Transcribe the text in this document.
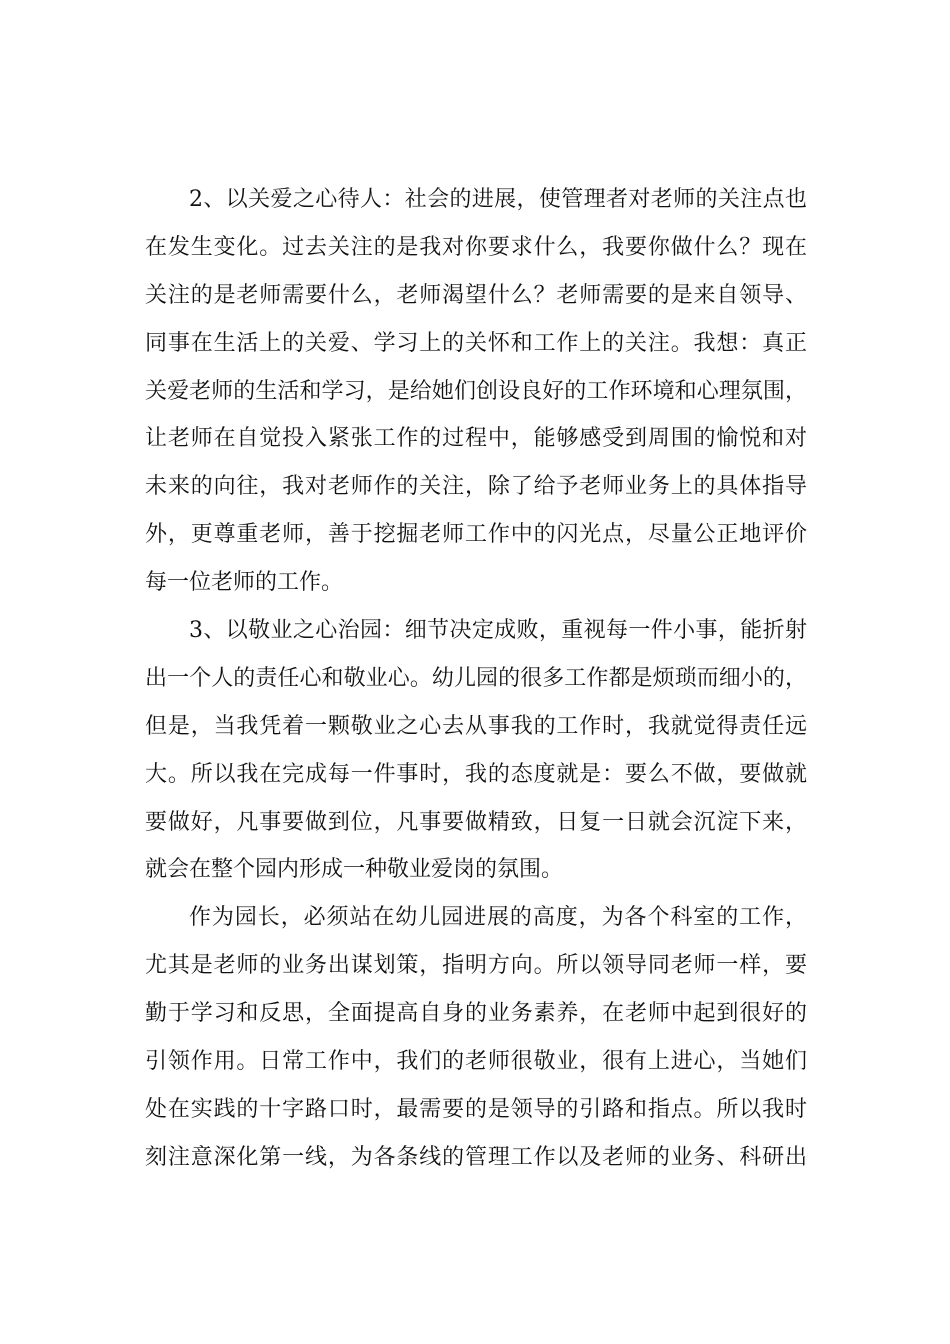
2、以关爱之心待人：社会的进展，使管理者对老师的关注点也
在发生变化。过去关注的是我对你要求什么，我要你做什么？现在
关注的是老师需要什么，老师渴望什么？老师需要的是来自领导、
同事在生活上的关爱、学习上的关怀和工作上的关注。我想：真正
关爱老师的生活和学习，是给她们创设良好的工作环境和心理氛围，
让老师在自觉投入紧张工作的过程中，能够感受到周围的愉悦和对
未来的向往，我对老师作的关注，除了给予老师业务上的具体指导
外，更尊重老师，善于挖掘老师工作中的闪光点，尽量公正地评价
每一位老师的工作。
3、以敬业之心治园：细节决定成败，重视每一件小事，能折射
出一个人的责任心和敬业心。幼儿园的很多工作都是烦琐而细小的，
但是，当我凭着一颗敬业之心去从事我的工作时，我就觉得责任远
大。所以我在完成每一件事时，我的态度就是：要么不做，要做就
要做好，凡事要做到位，凡事要做精致，日复一日就会沉淀下来，
就会在整个园内形成一种敬业爱岗的氛围。
作为园长，必须站在幼儿园进展的高度，为各个科室的工作，
尤其是老师的业务出谋划策，指明方向。所以领导同老师一样，要
勤于学习和反思，全面提高自身的业务素养，在老师中起到很好的
引领作用。日常工作中，我们的老师很敬业，很有上进心，当她们
处在实践的十字路口时，最需要的是领导的引路和指点。所以我时
刻注意深化第一线，为各条线的管理工作以及老师的业务、科研出
